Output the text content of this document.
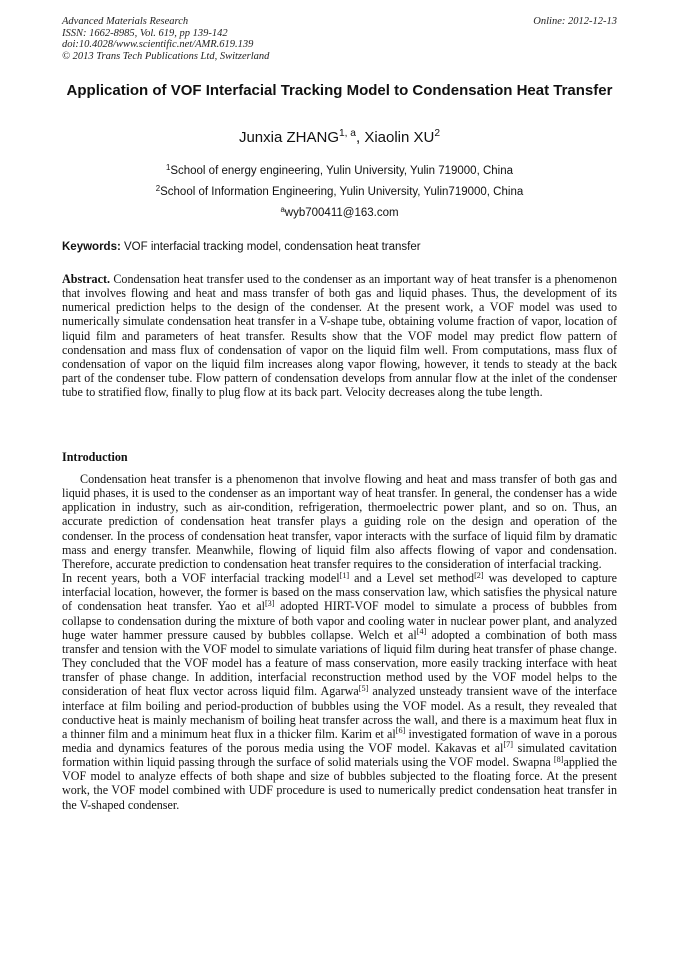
Advanced Materials Research
ISSN: 1662-8985, Vol. 619, pp 139-142
doi:10.4028/www.scientific.net/AMR.619.139
© 2013 Trans Tech Publications Ltd, Switzerland
Online: 2012-12-13
Application of VOF Interfacial Tracking Model to Condensation Heat Transfer
Junxia ZHANG$^{1, a}$, Xiaolin $XU^2$
$^1$School of energy engineering, Yulin University, Yulin 719000, China
$^2$School of Information Engineering, Yulin University, Yulin719000, China
$^a$wyb700411@163.com
Keywords: VOF interfacial tracking model, condensation heat transfer
Abstract. Condensation heat transfer used to the condenser as an important way of heat transfer is a phenomenon that involves flowing and heat and mass transfer of both gas and liquid phases. Thus, the development of its numerical prediction helps to the design of the condenser. At the present work, a VOF model was used to numerically simulate condensation heat transfer in a V-shape tube, obtaining volume fraction of vapor, location of liquid film and parameters of heat transfer. Results show that the VOF model may predict flow pattern of condensation and mass flux of condensation of vapor on the liquid film well. From computations, mass flux of condensation of vapor on the liquid film increases along vapor flowing, however, it tends to steady at the back part of the condenser tube. Flow pattern of condensation develops from annular flow at the inlet of the condenser tube to stratified flow, finally to plug flow at its back part. Velocity decreases along the tube length.
Introduction

Condensation heat transfer is a phenomenon that involve flowing and heat and mass transfer of both gas and liquid phases, it is used to the condenser as an important way of heat transfer. In general, the condenser has a wide application in industry, such as air-condition, refrigeration, thermoelectric power plant, and so on. Thus, an accurate prediction of condensation heat transfer plays a guiding role on the design and operation of the condenser. In the process of condensation heat transfer, vapor interacts with the surface of liquid film by dramatic mass and energy transfer. Meanwhile, flowing of liquid film also affects flowing of vapor and condensation. Therefore, accurate prediction to condensation heat transfer requires to the consideration of interfacial tracking.

In recent years, both a VOF interfacial tracking model[1] and a Level set method[2] was developed to capture interfacial location, however, the former is based on the mass conservation law, which satisfies the physical nature of condensation heat transfer. Yao et al[3] adopted HIRT-VOF model to simulate a process of bubbles from collapse to condensation during the mixture of both vapor and cooling water in nuclear power plant, and analyzed huge water hammer pressure caused by bubbles collapse. Welch et al[4] adopted a combination of both mass transfer and tension with the VOF model to simulate variations of liquid film during heat transfer of phase change. They concluded that the VOF model has a feature of mass conservation, more easily tracking interface with heat transfer of phase change. In addition, interfacial reconstruction method used by the VOF model helps to the consideration of heat flux vector across liquid film. Agarwa[5] analyzed unsteady transient wave of the interface interface at film boiling and period-production of bubbles using the VOF model. As a result, they revealed that conductive heat is mainly mechanism of boiling heat transfer across the wall, and there is a maximum heat flux in a thinner film and a minimum heat flux in a thicker film. Karim et al[6] investigated formation of wave in a porous media and dynamics features of the porous media using the VOF model. Kakavas et al[7] simulated cavitation formation within liquid passing through the surface of solid materials using the VOF model. Swapna [8]applied the VOF model to analyze effects of both shape and size of bubbles subjected to the floating force. At the present work, the VOF model combined with UDF procedure is used to numerically predict condensation heat transfer in the V-shaped condenser.
